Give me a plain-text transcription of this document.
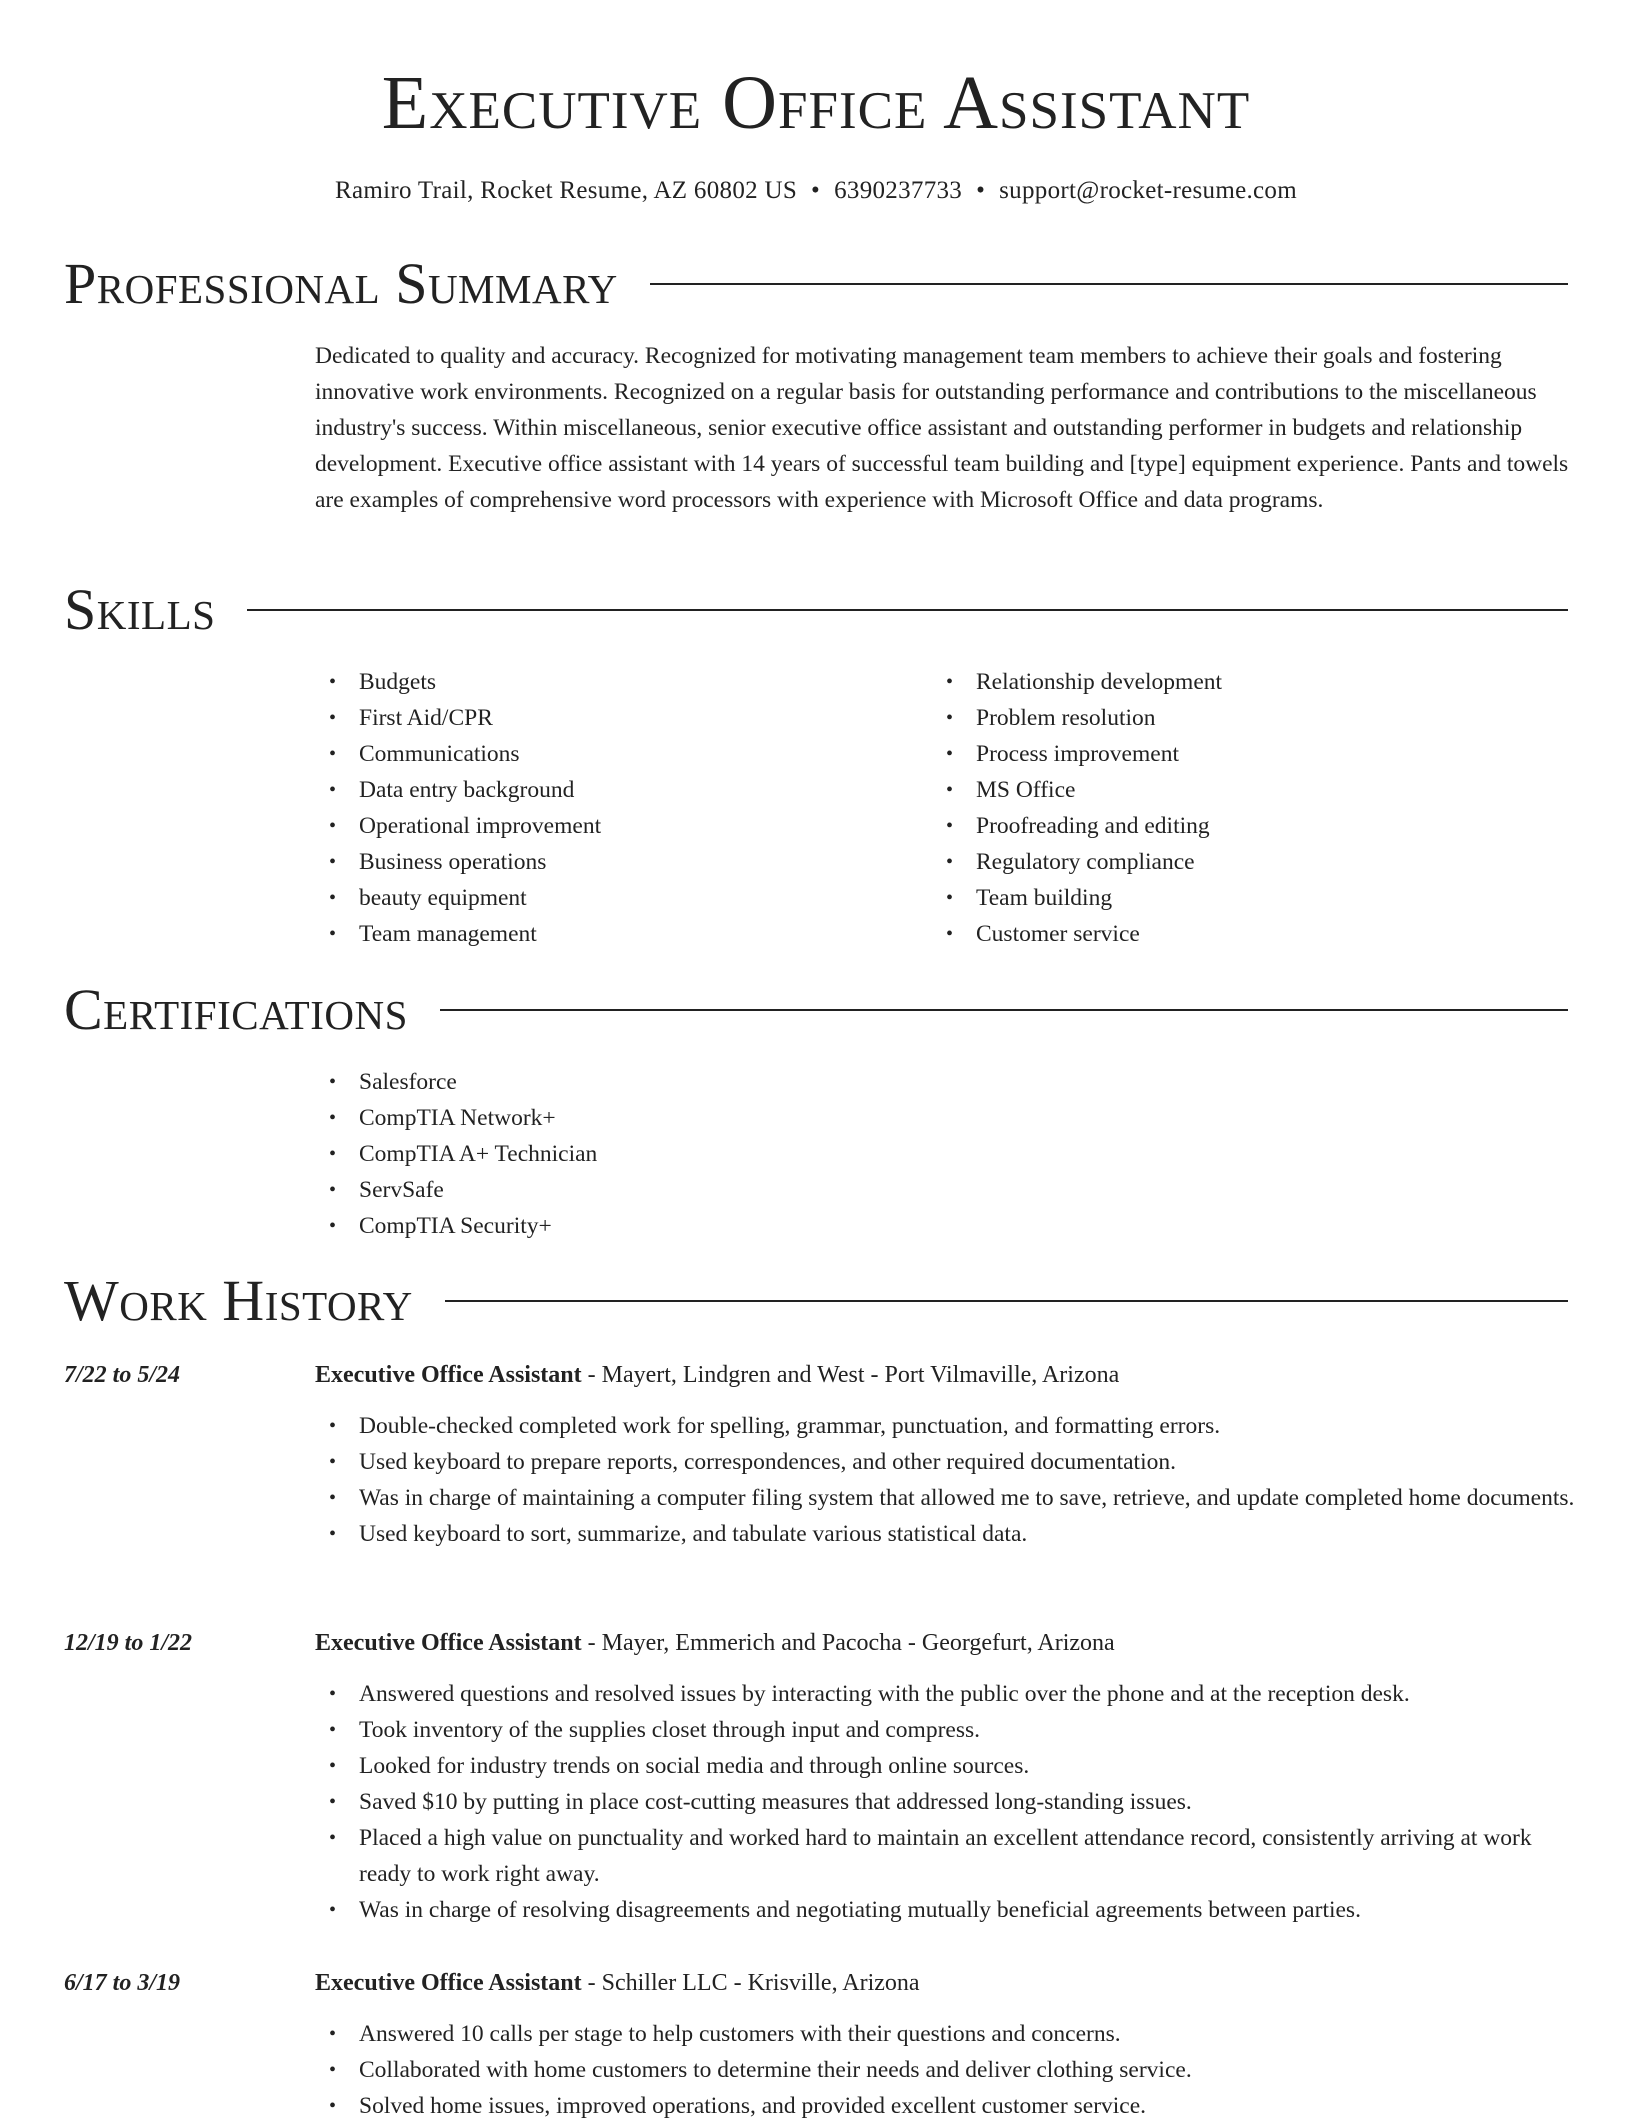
Executive Office Assistant
Ramiro Trail, Rocket Resume, AZ 60802 US • 6390237733 • support@rocket-resume.com
Professional Summary
Dedicated to quality and accuracy. Recognized for motivating management team members to achieve their goals and fostering innovative work environments. Recognized on a regular basis for outstanding performance and contributions to the miscellaneous industry's success. Within miscellaneous, senior executive office assistant and outstanding performer in budgets and relationship development. Executive office assistant with 14 years of successful team building and [type] equipment experience. Pants and towels are examples of comprehensive word processors with experience with Microsoft Office and data programs.
Skills
• Budgets
• First Aid/CPR
• Communications
• Data entry background
• Operational improvement
• Business operations
• beauty equipment
• Team management
• Relationship development
• Problem resolution
• Process improvement
• MS Office
• Proofreading and editing
• Regulatory compliance
• Team building
• Customer service
Certifications
• Salesforce
• CompTIA Network+
• CompTIA A+ Technician
• ServSafe
• CompTIA Security+
Work History
7/22 to 5/24	Executive Office Assistant - Mayert, Lindgren and West - Port Vilmaville, Arizona
• Double-checked completed work for spelling, grammar, punctuation, and formatting errors.
• Used keyboard to prepare reports, correspondences, and other required documentation.
• Was in charge of maintaining a computer filing system that allowed me to save, retrieve, and update completed home documents.
• Used keyboard to sort, summarize, and tabulate various statistical data.
12/19 to 1/22	Executive Office Assistant - Mayer, Emmerich and Pacocha - Georgefurt, Arizona
• Answered questions and resolved issues by interacting with the public over the phone and at the reception desk.
• Took inventory of the supplies closet through input and compress.
• Looked for industry trends on social media and through online sources.
• Saved $10 by putting in place cost-cutting measures that addressed long-standing issues.
• Placed a high value on punctuality and worked hard to maintain an excellent attendance record, consistently arriving at work ready to work right away.
• Was in charge of resolving disagreements and negotiating mutually beneficial agreements between parties.
6/17 to 3/19	Executive Office Assistant - Schiller LLC - Krisville, Arizona
• Answered 10 calls per stage to help customers with their questions and concerns.
• Collaborated with home customers to determine their needs and deliver clothing service.
• Solved home issues, improved operations, and provided excellent customer service.
